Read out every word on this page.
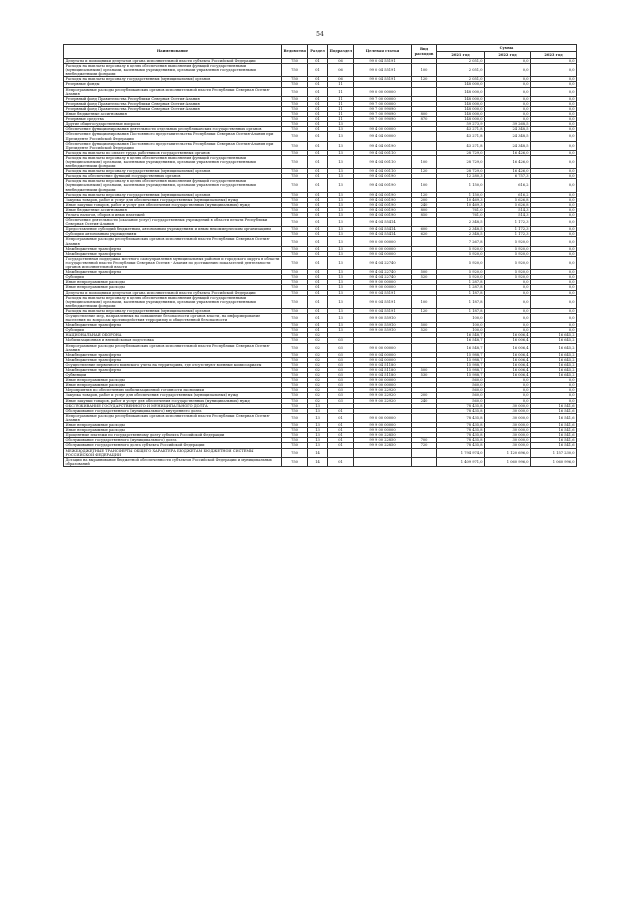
54
Наименование	Ведомство	Раздел	Подраздел	Целевая статья	Вид расходов	Сумма		
						2021 год	2022 год	2023 год
Депутаты и помощники депутатов органа исполнительной власти субъекта Российской Федерации	750	01	06	99 0 04 55191		2 051,0	0,0	0,0
Расходы на выплаты персоналу в целях обеспечения выполнения функций государственными (муниципальными) органами, казенными учреждениями, органами управления государственными внебюджетными фондами	750	01	06	99 0 04 55191	100	2 051,0	0,0	0,0
Расходы на выплаты персоналу государственных (муниципальных) органов	750	01	06	99 0 04 55191	120	2 051,0	0,0	0,0
Резервные фонды	750	01	11			148 000,0	0,0	0,0
Непрограммные расходы республиканских органов исполнительной власти Республики Северная Осетия-Алания	750	01	11	99 0 00 00000		148 000,0	0,0	0,0
Резервный фонд Правительства Республики Северная Осетия-Алания	750	01	11	99 7 00 00000		148 000,0	0,0	0,0
Резервный фонд Правительства Республики Северная Осетия-Алания	750	01	11	99 7 00 00000		148 000,0	0,0	0,0
Резервный фонд Правительства Республики Северная Осетия-Алания	750	01	11	99 7 00 99090		148 000,0	0,0	0,0
Иные бюджетные ассигнования	750	01	11	99 7 00 99090	800	148 000,0	0,0	0,0
Резервные средства	750	01	11	99 7 00 99090	870	148 000,0	0,0	0,0
Другие общегосударственные вопросы	750	01	13			59 273,9	39 268,5	0,0
Обеспечение функционирования деятельности отдельных республиканских государственных органов	750	01	13	99 4 00 00000		43 271,8	24 348,5	0,0
Обеспечение функционирования Постоянного представительства Республики Северная Осетия-Алания при Президенте Российской Федерации	750	01	13	99 4 04 00000		43 271,8	24 348,5	0,0
Обеспечение функционирования Постоянного представительства Республики Северная Осетия-Алания при Президенте Российской Федерации	750	01	13	99 4 04 00190		43 271,8	24 348,5	0,0
Расходы на выплаты по оплате труда работников государственных органов	750	01	13	99 4 04 00110		28 729,0	16 426,0	0,0
Расходы на выплаты персоналу в целях обеспечения выполнения функций государственными (муниципальными) органами, казенными учреждениями, органами управления государственными внебюджетными фондами	750	01	13	99 4 04 00110	100	28 729,0	16 426,0	0,0
Расходы на выплаты персоналу государственных (муниципальных) органов	750	01	13	99 4 04 00110	120	28 729,0	16 426,0	0,0
Расходы на обеспечение функций государственных органов	750	01	13	99 4 04 00190		12 280,3	6 757,3	0,0
Расходы на выплаты персоналу в целях обеспечения выполнения функций государственными (муниципальными) органами, казенными учреждениями, органами управления государственными внебюджетными фондами	750	01	13	99 4 04 00190	100	1 150,0	616,2	0,0
Расходы на выплаты персоналу государственных (муниципальных) органов	750	01	13	99 4 04 00190	120	1 150,0	616,2	0,0
Закупка товаров, работ и услуг для обеспечения государственных (муниципальных) нужд	750	01	13	99 4 04 00190	200	10 469,3	5 626,8	0,0
Иные закупки товаров, работ и услуг для обеспечения государственных (муниципальных) нужд	750	01	13	99 4 04 00190	240	10 469,3	5 626,8	0,0
Иные бюджетные ассигнования	750	01	13	99 4 04 00190	800	761,0	514,3	0,0
Уплата налогов, сборов и иных платежей	750	01	13	99 4 04 00190	850	761,0	514,3	0,0
Обеспечение деятельности (оказание услуг) государственных учреждений в области печати Республики Северная Осетия-Алания	750	01	13	99 4 04 55414		2 348,5	1 172,3	0,0
Предоставление субсидий бюджетным, автономным учреждениям и иным некоммерческим организациям	750	01	13	99 4 04 55414	600	2 348,5	1 172,3	0,0
Субсидии автономным учреждениям	750	01	13	99 4 04 55414	620	2 348,5	1 172,3	0,0
Непрограммные расходы республиканских органов исполнительной власти Республики Северная Осетия-Алания	750	01	13	99 0 00 00000		7 267,8	5 920,0	0,0
Межбюджетные трансферты	750	01	13	99 0 00 00000		5 920,0	5 920,0	0,0
Межбюджетные трансферты	750	01	13	99 0 04 00000		5 920,0	5 920,0	0,0
Государственная поддержка местного самоуправления муниципальных районов и городского округа в области государственной власти Республики Северная Осетия - Алания по достижению показателей деятельности органов исполнительной власти	750	01	13	99 4 04 22740		5 920,0	5 920,0	0,0
Межбюджетные трансферты	750	01	13	99 4 04 22740	500	5 920,0	5 920,0	0,0
Субсидии	750	01	13	99 4 04 22740	520	5 920,0	5 920,0	0,0
Иные непрограммные расходы	750	01	13	99 9 00 00000		1 287,8	0,0	0,0
Иные непрограммные расходы	750	01	13	99 9 00 00000		1 287,8	0,0	0,0
Депутаты и помощники депутатов органа исполнительной власти субъекта Российской Федерации	750	01	13	99 0 04 55191		1 187,8	0,0	0,0
Расходы на выплаты персоналу в целях обеспечения выполнения функций государственными (муниципальными) органами, казенными учреждениями, органами управления государственными внебюджетными фондами	750	01	13	99 0 04 55191	100	1 187,8	0,0	0,0
Расходы на выплаты персоналу государственных (муниципальных) органов	750	01	13	99 0 04 55191	120	1 187,8	0,0	0,0
Осуществление мер, направленных на повышение безопасности органов власти, на информирование населения по вопросам противодействия терроризму и общественной безопасности	750	01	13	99 9 00 55910		100,0	0,0	0,0
Межбюджетные трансферты	750	01	13	99 9 00 55910	500	100,0	0,0	0,0
Субсидии	750	01	13	99 9 00 55910	520	100,0	0,0	0,0
НАЦИОНАЛЬНАЯ ОБОРОНА	750	02				16 548,7	16 006,4	16 645,2
Мобилизационная и вневойсковая подготовка	750	02	03			16 548,7	16 006,4	16 645,2
Непрограммные расходы республиканских органов исполнительной власти Республики Северная Осетия-Алания	750	02	03	99 0 00 00000		16 548,7	16 006,4	16 645,2
Межбюджетные трансферты	750	02	03	99 0 04 00000		15 988,7	16 006,4	16 645,2
Межбюджетные трансферты	750	02	03	99 0 04 00000		15 988,7	16 006,4	16 645,2
Осуществление первичного воинского учета на территориях, где отсутствуют военные комиссариаты	750	02	03	99 0 04 51180		15 988,7	16 006,4	16 645,2
Межбюджетные трансферты	750	02	03	99 0 04 51180	500	15 988,7	16 006,4	16 645,2
Субвенции	750	02	03	99 0 04 51180	530	15 988,7	16 006,4	16 645,2
Иные непрограммные расходы	750	02	03	99 9 00 00000		560,0	0,0	0,0
Иные непрограммные расходы	750	02	03	99 9 00 00000		560,0	0,0	0,0
Мероприятия по обеспечению мобилизационной готовности экономики	750	02	03	99 9 00 22920		560,0	0,0	0,0
Закупка товаров, работ и услуг для обеспечения государственных (муниципальных) нужд	750	02	03	99 9 00 22920	200	560,0	0,0	0,0
Иные закупки товаров, работ и услуг для обеспечения государственных (муниципальных) нужд	750	02	03	99 9 00 22920	240	560,0	0,0	0,0
ОБСЛУЖИВАНИЕ ГОСУДАРСТВЕННОГО И МУНИЦИПАЛЬНОГО ДОЛГА	750	13				78 435,8	30 000,0	16 541,6
Обслуживание государственного (муниципального) внутреннего долга	750	13	01			78 435,8	30 000,0	16 541,6
Непрограммные расходы республиканских органов исполнительной власти Республики Северная Осетия-Алания	750	13	01	99 0 00 00000		78 435,8	30 000,0	16 541,6
Иные непрограммные расходы	750	13	01	99 9 00 00000		78 435,8	30 000,0	16 541,6
Иные непрограммные расходы	750	13	01	99 9 00 00000		78 435,8	30 000,0	16 541,6
Процентные платежи по государственному долгу субъекта Российской Федерации	750	13	01	99 9 00 22850		78 435,8	30 000,0	16 541,6
Обслуживание государственного (муниципального) долга	750	13	01	99 9 00 22850	700	78 435,8	30 000,0	16 541,6
Обслуживание государственного долга субъекта Российской Федерации	750	13	01	99 9 00 22850	720	78 435,8	30 000,0	16 541,6
МЕЖБЮДЖЕТНЫЕ ТРАНСФЕРТЫ ОБЩЕГО ХАРАКТЕРА БЮДЖЕТАМ БЮДЖЕТНОЙ СИСТЕМЫ РОССИЙСКОЙ ФЕДЕРАЦИИ	750	14				1 794 974,0	1 120 696,0	1 157 230,0
Дотации на выравнивание бюджетной обеспеченности субъектов Российской Федерации и муниципальных образований	750	14	01			1 409 971,0	1 060 996,0	1 060 996,0
